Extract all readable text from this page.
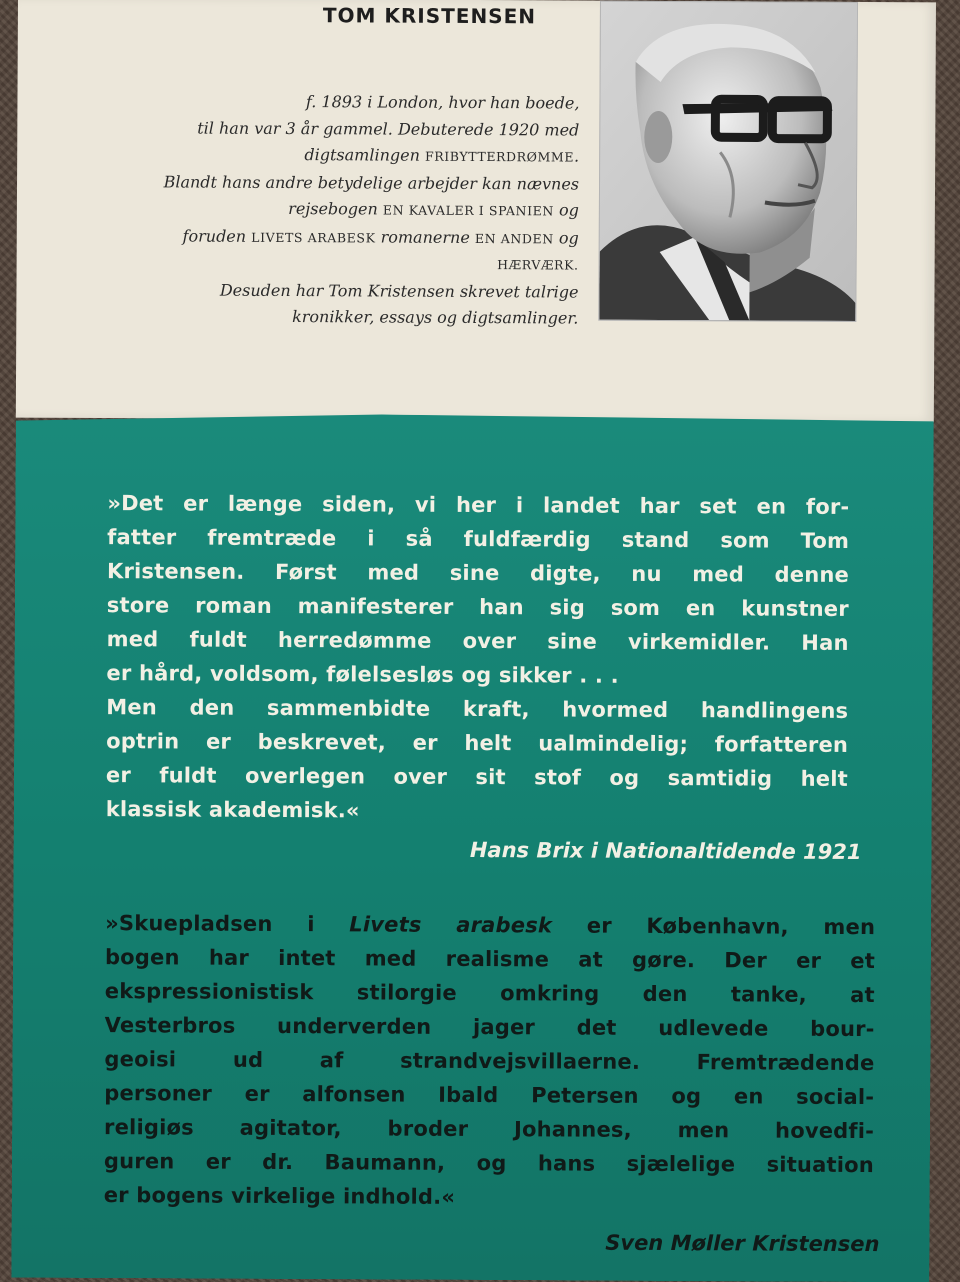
TOM KRISTENSEN

f. 1893 i London, hvor han boede,
til han var 3 år gammel. Debuterede 1920 med
digtsamlingen FRIBYTTERDRØMME.
Blandt hans andre betydelige arbejder kan nævnes
rejsebogen EN KAVALER I SPANIEN og
foruden LIVETS ARABESK romanerne EN ANDEN og
HÆRVÆRK.
Desuden har Tom Kristensen skrevet talrige
kronikker, essays og digtsamlinger.

»Det er længe siden, vi her i landet har set en for-
fatter fremtræde i så fuldfærdig stand som Tom
Kristensen. Først med sine digte, nu med denne
store roman manifesterer han sig som en kunstner
med fuldt herredømme over sine virkemidler. Han
er hård, voldsom, følelsesløs og sikker . . .
Men den sammenbidte kraft, hvormed handlingens
optrin er beskrevet, er helt ualmindelig; forfatteren
er fuldt overlegen over sit stof og samtidig helt
klassisk akademisk.«

Hans Brix i Nationaltidende 1921

»Skuepladsen i Livets arabesk er København, men
bogen har intet med realisme at gøre. Der er et
ekspressionistisk stilorgie omkring den tanke, at
Vesterbros underverden jager det udlevede bour-
geoisi ud af strandvejsvillaerne. Fremtrædende
personer er alfonsen Ibald Petersen og en social-
religiøs agitator, broder Johannes, men hovedfi-
guren er dr. Baumann, og hans sjælelige situation
er bogens virkelige indhold.«

Sven Møller Kristensen
